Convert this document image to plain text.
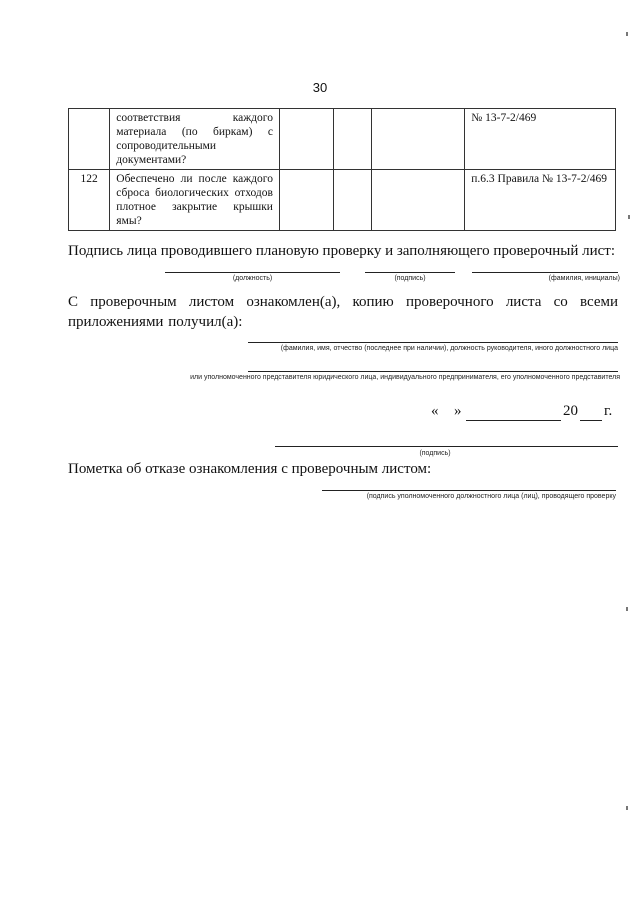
30
	соответствия каждого материала (по биркам) с сопроводительными документами?				№ 13-7-2/469
122	Обеспечено ли после каждого сброса биологических отходов плотное закрытие крышки ямы?				п.6.3 Правила № 13-7-2/469
Подпись лица проводившего плановую проверку и заполняющего проверочный лист:
(должность)	(подпись)	(фамилия, инициалы)
С проверочным листом ознакомлен(а), копию проверочного листа со всеми приложениями получил(а):
(фамилия, имя, отчество (последнее при наличии), должность руководителя, иного должностного лица
или уполномоченного представителя юридического лица, индивидуального предпринимателя, его уполномоченного представителя
« »	20 г.
(подпись)
Пометка об отказе ознакомления с проверочным листом:
(подпись уполномоченного должностного лица (лиц), проводящего проверку
